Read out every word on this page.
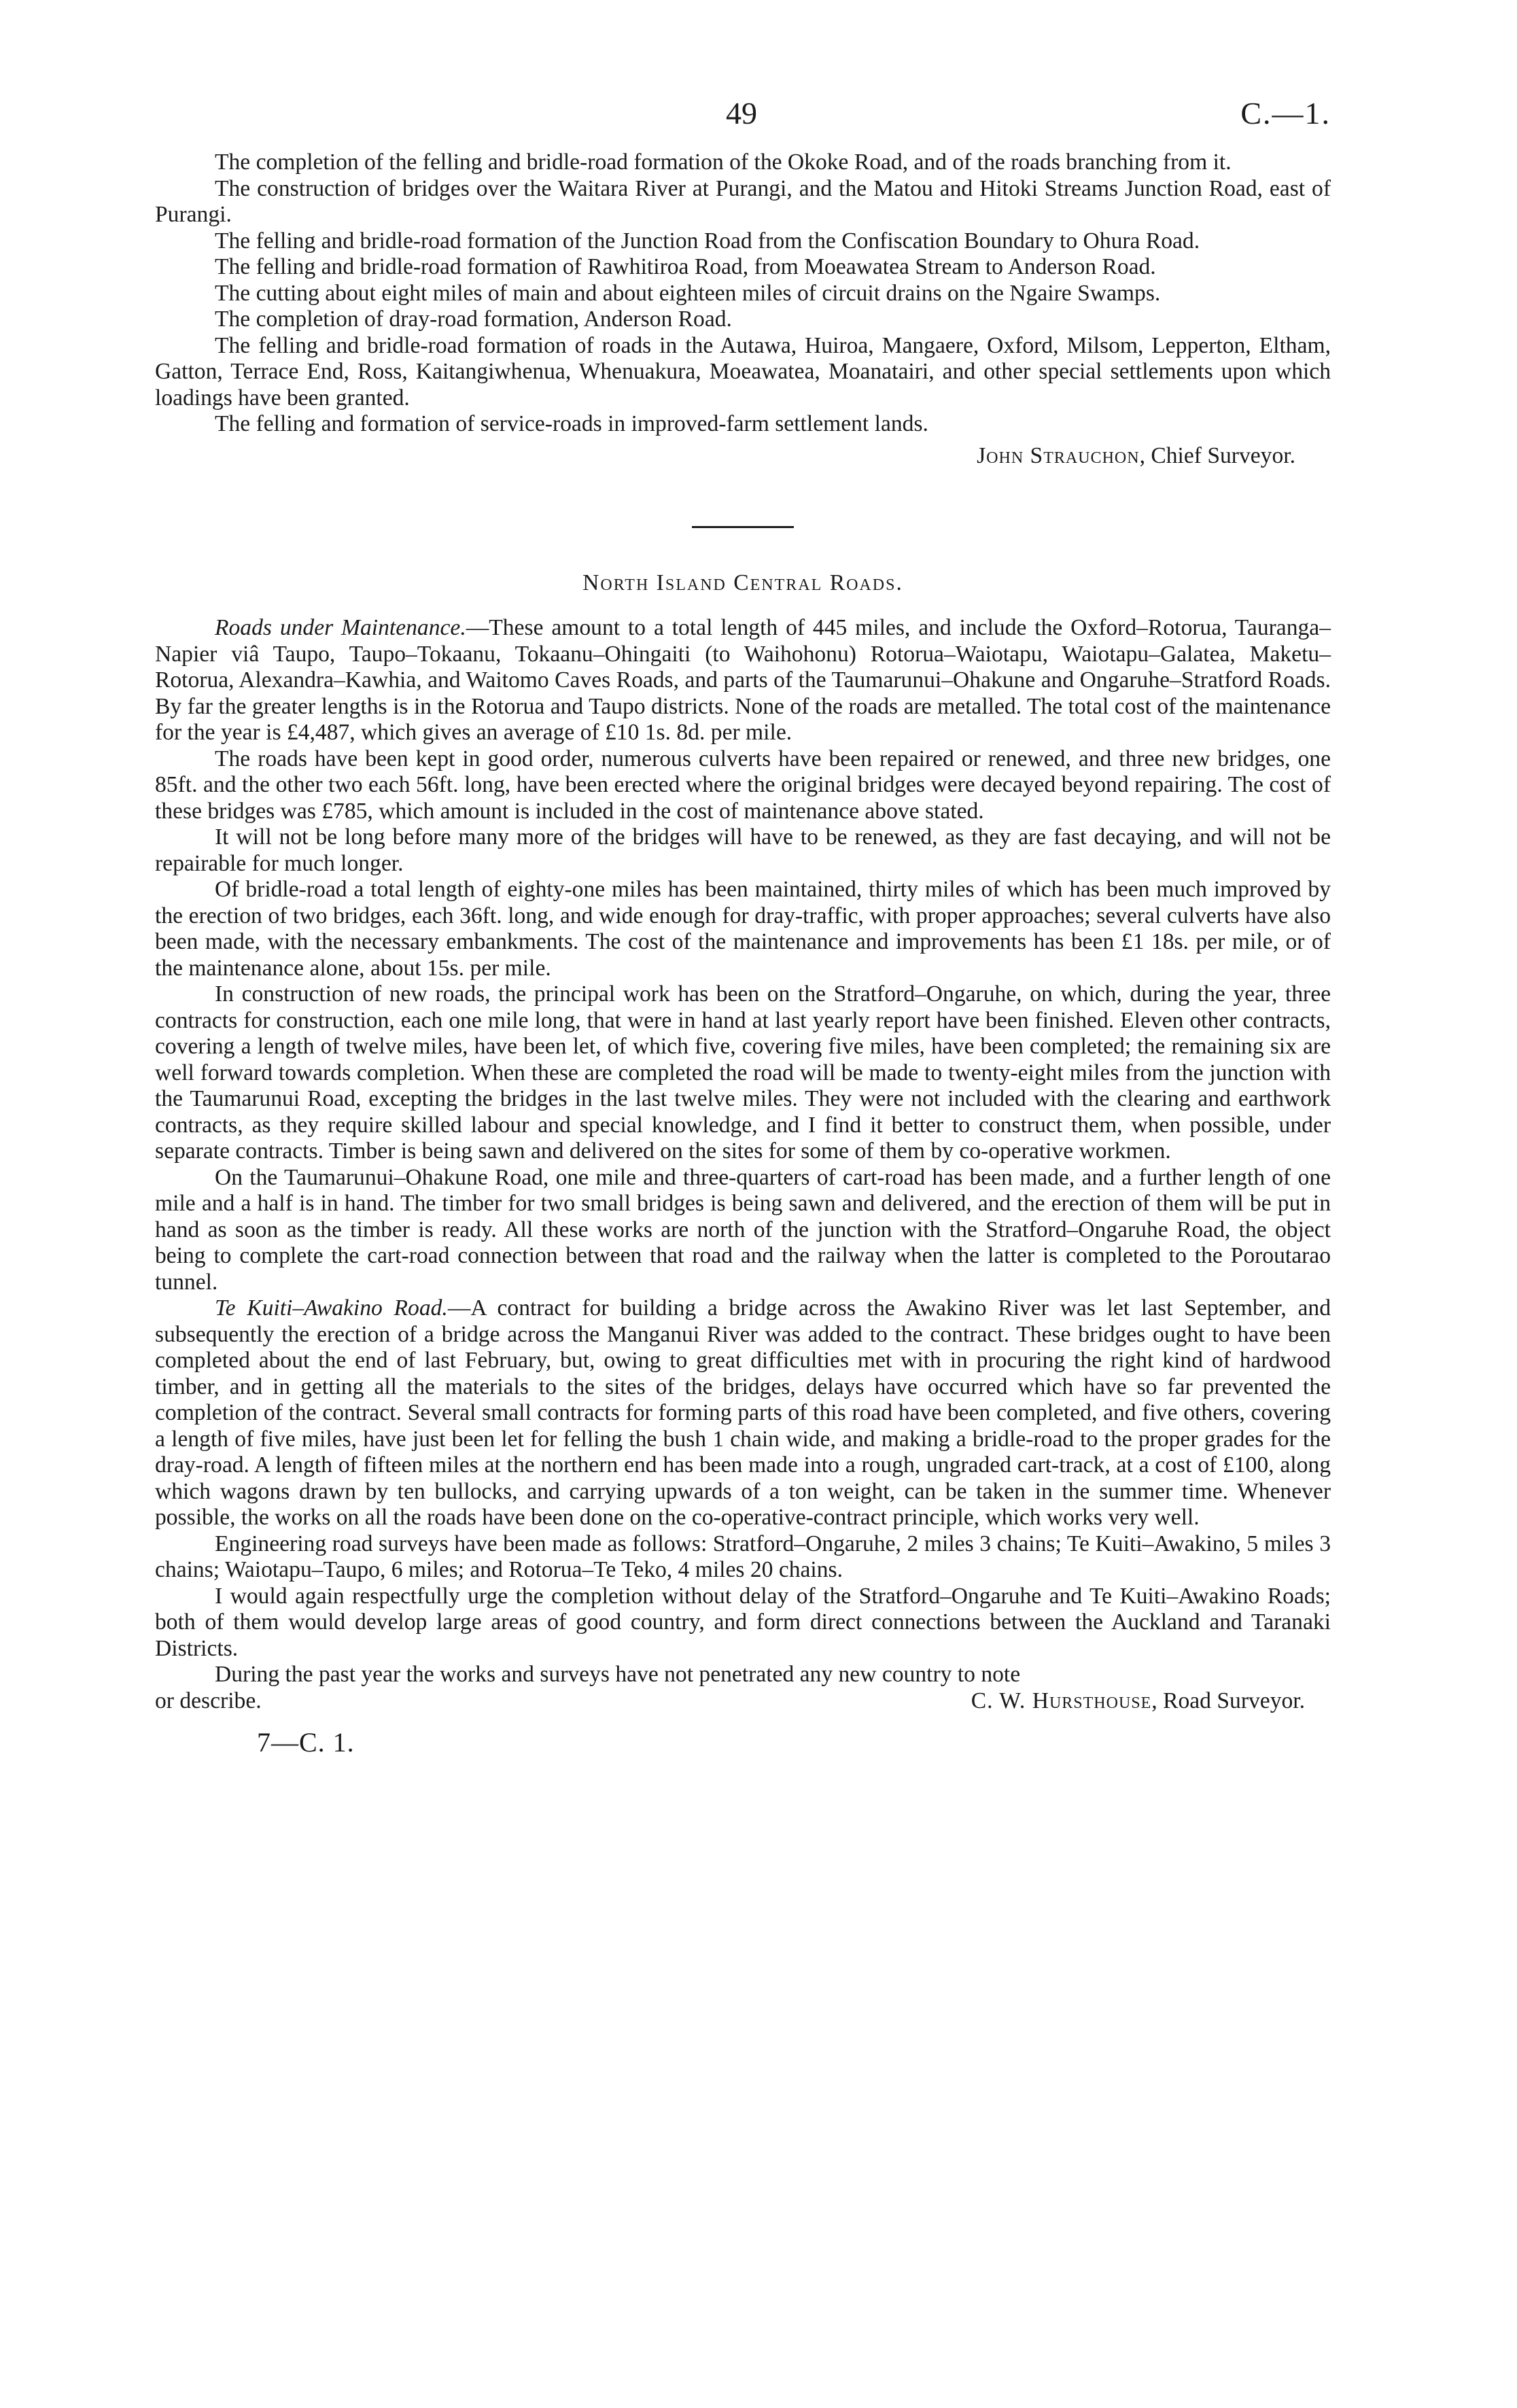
49	C.—1.

The completion of the felling and bridle-road formation of the Okoke Road, and of the roads branching from it.

The construction of bridges over the Waitara River at Purangi, and the Matou and Hitoki Streams Junction Road, east of Purangi.

The felling and bridle-road formation of the Junction Road from the Confiscation Boundary to Ohura Road.

The felling and bridle-road formation of Rawhitiroa Road, from Moeawatea Stream to Anderson Road.

The cutting about eight miles of main and about eighteen miles of circuit drains on the Ngaire Swamps.

The completion of dray-road formation, Anderson Road.

The felling and bridle-road formation of roads in the Autawa, Huiroa, Mangaere, Oxford, Milsom, Lepperton, Eltham, Gatton, Terrace End, Ross, Kaitangiwhenua, Whenuakura, Moeawatea, Moanatairi, and other special settlements upon which loadings have been granted.

The felling and formation of service-roads in improved-farm settlement lands.

John Strauchon, Chief Surveyor.

North Island Central Roads.

Roads under Maintenance.—These amount to a total length of 445 miles, and include the Oxford–Rotorua, Tauranga–Napier viâ Taupo, Taupo–Tokaanu, Tokaanu–Ohingaiti (to Waihohonu) Rotorua–Waiotapu, Waiotapu–Galatea, Maketu–Rotorua, Alexandra–Kawhia, and Waitomo Caves Roads, and parts of the Taumarunui–Ohakune and Ongaruhe–Stratford Roads. By far the greater lengths is in the Rotorua and Taupo districts. None of the roads are metalled. The total cost of the maintenance for the year is £4,487, which gives an average of £10 1s. 8d. per mile.

The roads have been kept in good order, numerous culverts have been repaired or renewed, and three new bridges, one 85ft. and the other two each 56ft. long, have been erected where the original bridges were decayed beyond repairing. The cost of these bridges was £785, which amount is included in the cost of maintenance above stated.

It will not be long before many more of the bridges will have to be renewed, as they are fast decaying, and will not be repairable for much longer.

Of bridle-road a total length of eighty-one miles has been maintained, thirty miles of which has been much improved by the erection of two bridges, each 36ft. long, and wide enough for dray-traffic, with proper approaches; several culverts have also been made, with the necessary embankments. The cost of the maintenance and improvements has been £1 18s. per mile, or of the maintenance alone, about 15s. per mile.

In construction of new roads, the principal work has been on the Stratford–Ongaruhe, on which, during the year, three contracts for construction, each one mile long, that were in hand at last yearly report have been finished. Eleven other contracts, covering a length of twelve miles, have been let, of which five, covering five miles, have been completed; the remaining six are well forward towards completion. When these are completed the road will be made to twenty-eight miles from the junction with the Taumarunui Road, excepting the bridges in the last twelve miles. They were not included with the clearing and earthwork contracts, as they require skilled labour and special knowledge, and I find it better to construct them, when possible, under separate contracts. Timber is being sawn and delivered on the sites for some of them by co-operative workmen.

On the Taumarunui–Ohakune Road, one mile and three-quarters of cart-road has been made, and a further length of one mile and a half is in hand. The timber for two small bridges is being sawn and delivered, and the erection of them will be put in hand as soon as the timber is ready. All these works are north of the junction with the Stratford–Ongaruhe Road, the object being to complete the cart-road connection between that road and the railway when the latter is completed to the Poroutarao tunnel.

Te Kuiti–Awakino Road.—A contract for building a bridge across the Awakino River was let last September, and subsequently the erection of a bridge across the Manganui River was added to the contract. These bridges ought to have been completed about the end of last February, but, owing to great difficulties met with in procuring the right kind of hardwood timber, and in getting all the materials to the sites of the bridges, delays have occurred which have so far prevented the completion of the contract. Several small contracts for forming parts of this road have been completed, and five others, covering a length of five miles, have just been let for felling the bush 1 chain wide, and making a bridle-road to the proper grades for the dray-road. A length of fifteen miles at the northern end has been made into a rough, ungraded cart-track, at a cost of £100, along which wagons drawn by ten bullocks, and carrying upwards of a ton weight, can be taken in the summer time. Whenever possible, the works on all the roads have been done on the co-operative-contract principle, which works very well.

Engineering road surveys have been made as follows: Stratford–Ongaruhe, 2 miles 3 chains; Te Kuiti–Awakino, 5 miles 3 chains; Waiotapu–Taupo, 6 miles; and Rotorua–Te Teko, 4 miles 20 chains.

I would again respectfully urge the completion without delay of the Stratford–Ongaruhe and Te Kuiti–Awakino Roads; both of them would develop large areas of good country, and form direct connections between the Auckland and Taranaki Districts.

During the past year the works and surveys have not penetrated any new country to note

or describe.	C. W. Hursthouse, Road Surveyor.
7—C. 1.
